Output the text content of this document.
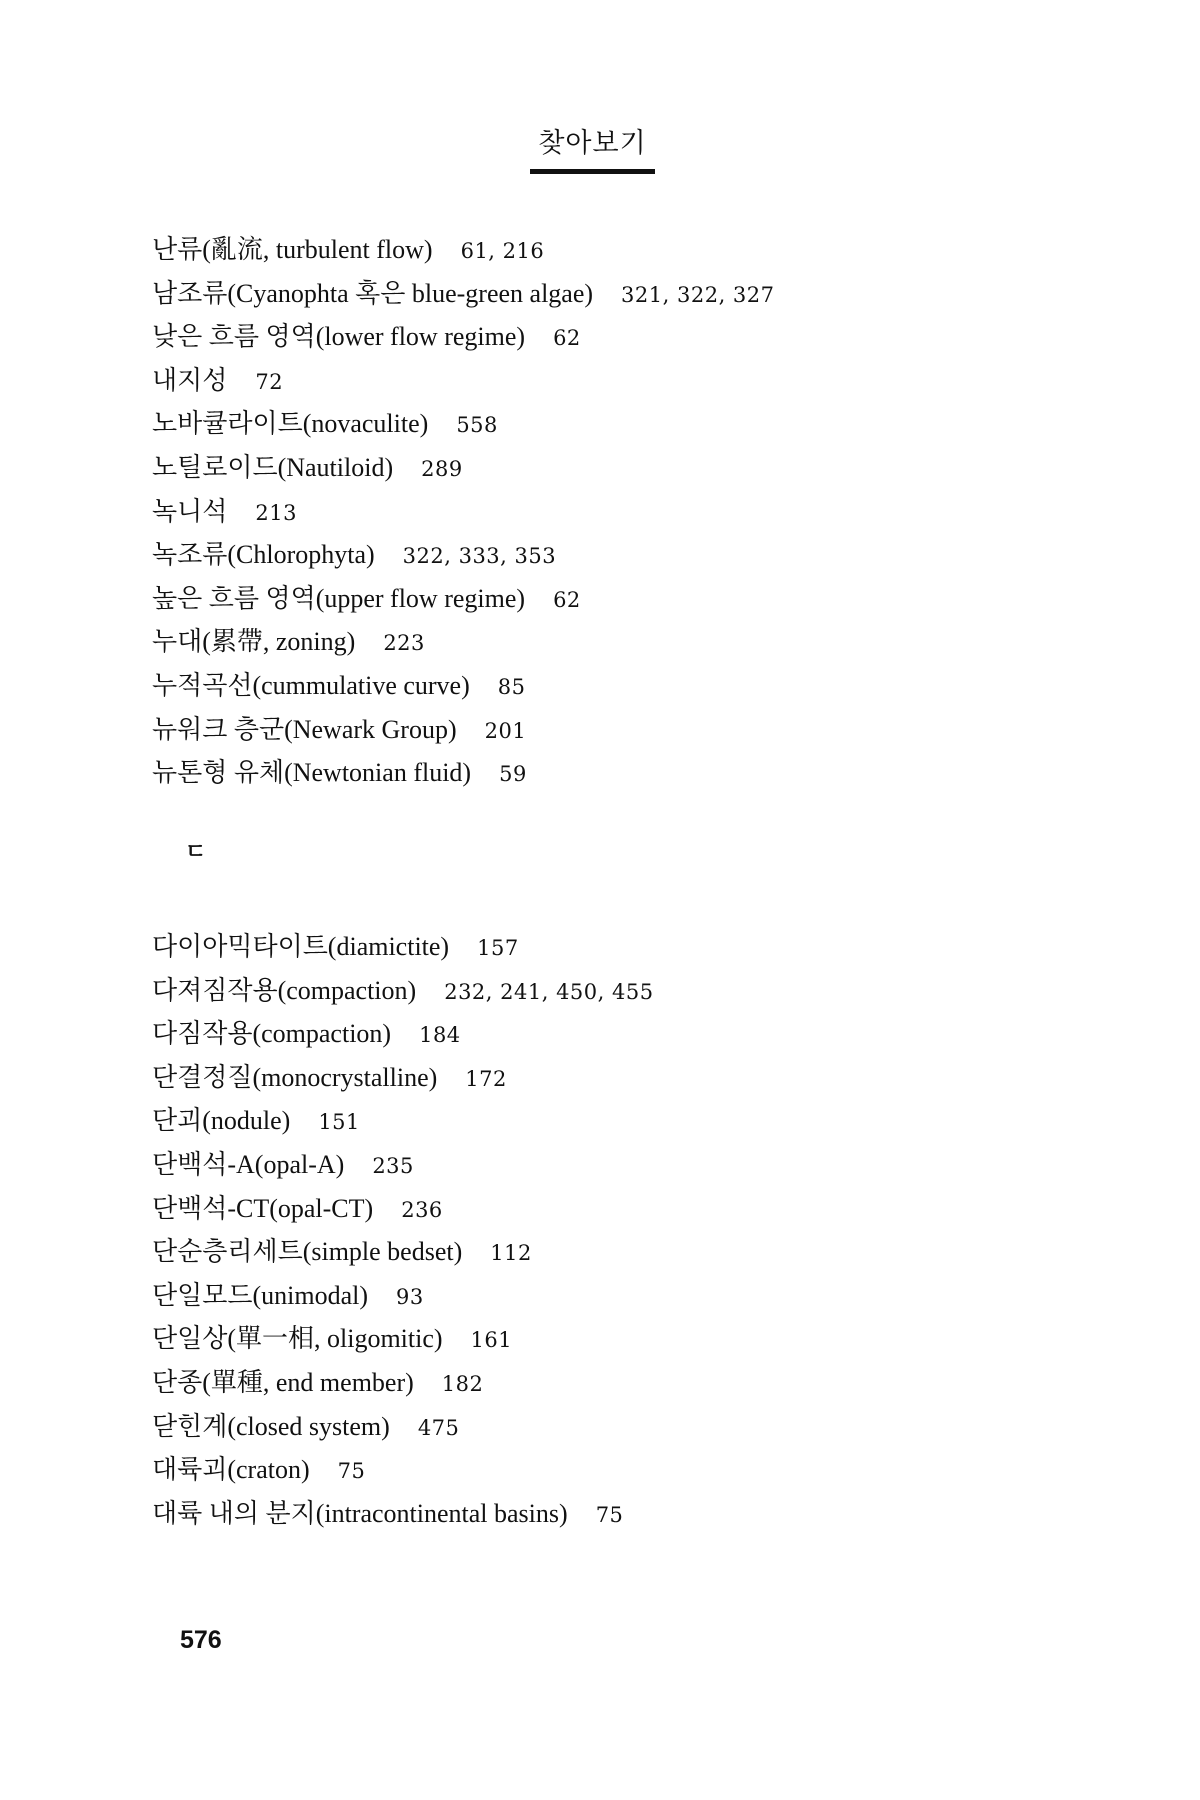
찾아보기
난류(亂流, turbulent flow) 61, 216
남조류(Cyanophta 혹은 blue-green algae) 321, 322, 327
낮은 흐름 영역(lower flow regime) 62
내지성 72
노바큘라이트(novaculite) 558
노틸로이드(Nautiloid) 289
녹니석 213
녹조류(Chlorophyta) 322, 333, 353
높은 흐름 영역(upper flow regime) 62
누대(累帶, zoning) 223
누적곡선(cummulative curve) 85
뉴워크 층군(Newark Group) 201
뉴톤형 유체(Newtonian fluid) 59
ㄷ
다이아믹타이트(diamictite) 157
다져짐작용(compaction) 232, 241, 450, 455
다짐작용(compaction) 184
단결정질(monocrystalline) 172
단괴(nodule) 151
단백석-A(opal-A) 235
단백석-CT(opal-CT) 236
단순층리세트(simple bedset) 112
단일모드(unimodal) 93
단일상(單一相, oligomitic) 161
단종(單種, end member) 182
닫힌계(closed system) 475
대륙괴(craton) 75
대륙 내의 분지(intracontinental basins) 75
576
